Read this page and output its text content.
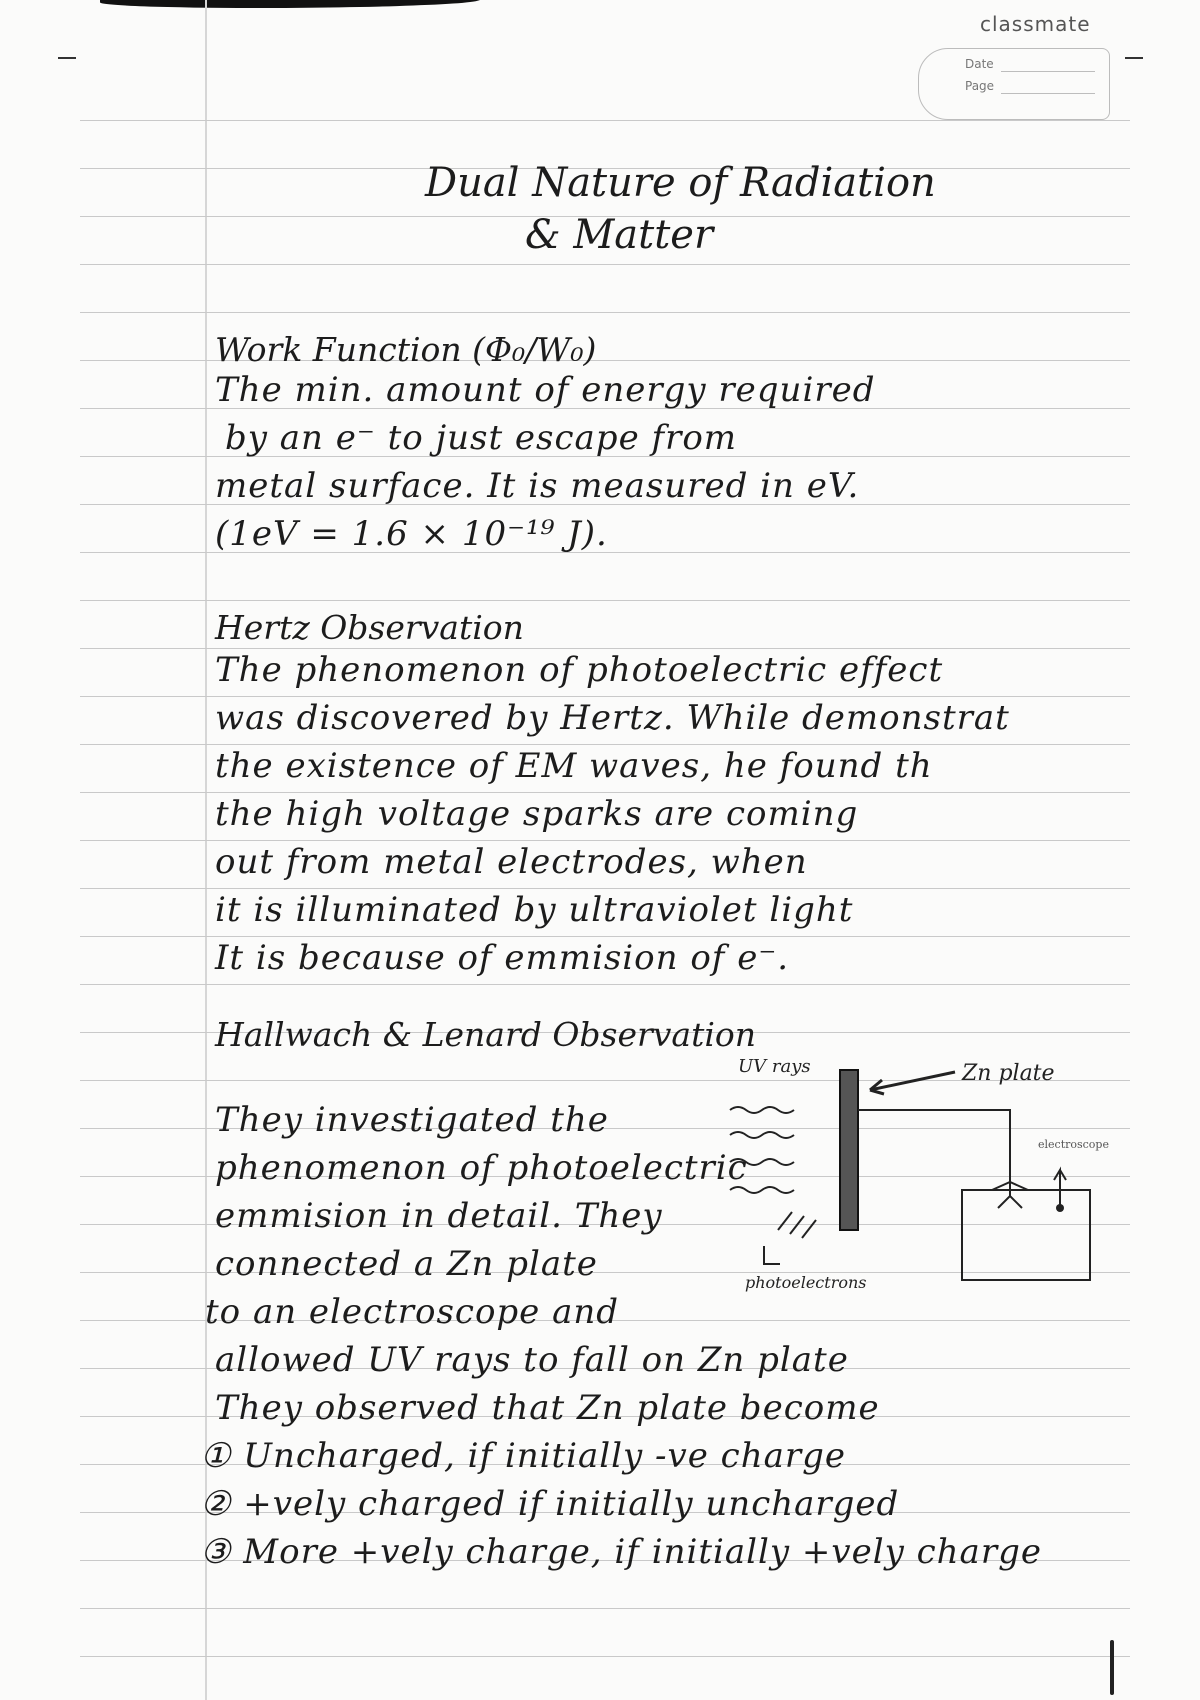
classmate
Date
Page
Dual Nature of Radiation
& Matter
Work Function (Φ₀/W₀)
The min. amount of energy required
by an e⁻ to just escape from
metal surface. It is measured in eV.
(1eV = 1.6 × 10⁻¹⁹ J).
Hertz Observation
The phenomenon of photoelectric effect
was discovered by Hertz. While demonstrat
the existence of EM waves, he found th
the high voltage sparks are coming
out from metal electrodes, when
it is illuminated by ultraviolet light
It is because of emmision of e⁻.
Hallwach & Lenard Observation
They investigated the
phenomenon of photoelectric
emmision in detail. They
connected a Zn plate
to an electroscope and
allowed UV rays to fall on Zn plate
They observed that Zn plate become
① Uncharged, if initially -ve charge
② +vely charged if initially uncharged
③ More +vely charge, if initially +vely charge
UV rays	Zn plate
electroscope
photoelectrons
